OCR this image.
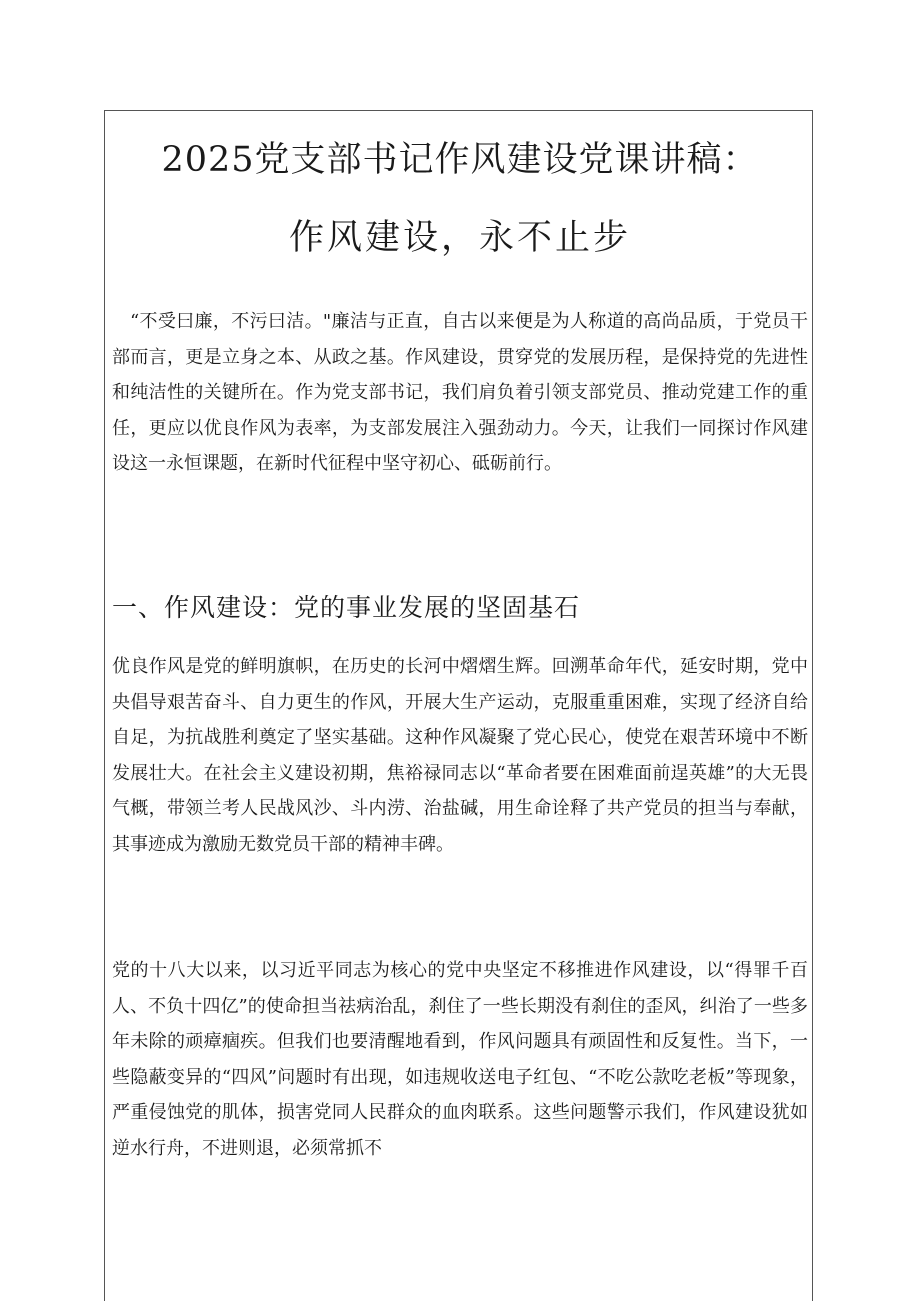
2025党支部书记作风建设党课讲稿：
作风建设，永不止步

“不受曰廉，不污曰洁。"廉洁与正直，自古以来便是为人称道的高尚品质，于党员干部而言，更是立身之本、从政之基。作风建设，贯穿党的发展历程，是保持党的先进性和纯洁性的关键所在。作为党支部书记，我们肩负着引领支部党员、推动党建工作的重任，更应以优良作风为表率，为支部发展注入强劲动力。今天，让我们一同探讨作风建设这一永恒课题，在新时代征程中坚守初心、砥砺前行。

一、作风建设：党的事业发展的坚固基石

优良作风是党的鲜明旗帜，在历史的长河中熠熠生辉。回溯革命年代，延安时期，党中央倡导艰苦奋斗、自力更生的作风，开展大生产运动，克服重重困难，实现了经济自给自足，为抗战胜利奠定了坚实基础。这种作风凝聚了党心民心，使党在艰苦环境中不断发展壮大。在社会主义建设初期，焦裕禄同志以“革命者要在困难面前逞英雄”的大无畏气概，带领兰考人民战风沙、斗内涝、治盐碱，用生命诠释了共产党员的担当与奉献，其事迹成为激励无数党员干部的精神丰碑。

党的十八大以来，以习近平同志为核心的党中央坚定不移推进作风建设，以“得罪千百人、不负十四亿”的使命担当祛病治乱，刹住了一些长期没有刹住的歪风，纠治了一些多年未除的顽瘴痼疾。但我们也要清醒地看到，作风问题具有顽固性和反复性。当下，一些隐蔽变异的“四风”问题时有出现，如违规收送电子红包、“不吃公款吃老板”等现象，严重侵蚀党的肌体，损害党同人民群众的血肉联系。这些问题警示我们，作风建设犹如逆水行舟，不进则退，必须常抓不
